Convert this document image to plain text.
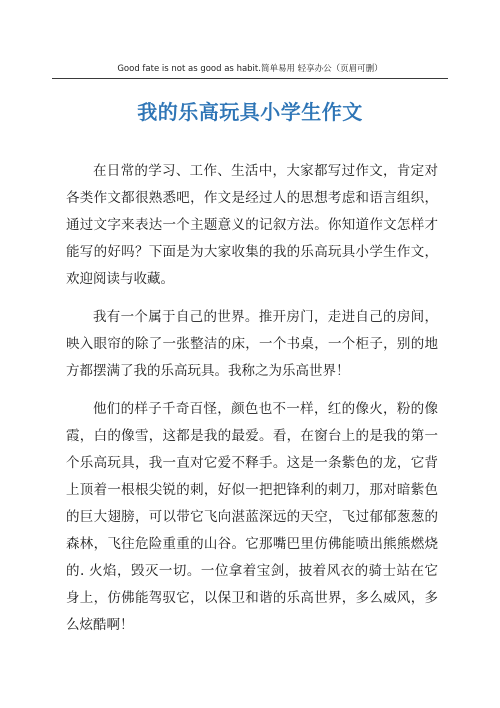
Good fate is not as good as habit.简单易用 轻享办公（页眉可删）
我的乐高玩具小学生作文

在日常的学习、工作、生活中，大家都写过作文，肯定对各类作文都很熟悉吧，作文是经过人的思想考虑和语言组织，通过文字来表达一个主题意义的记叙方法。你知道作文怎样才能写的好吗？下面是为大家收集的我的乐高玩具小学生作文，欢迎阅读与收藏。

我有一个属于自己的世界。推开房门，走进自己的房间，映入眼帘的除了一张整洁的床，一个书桌，一个柜子，别的地方都摆满了我的乐高玩具。我称之为乐高世界！

他们的样子千奇百怪，颜色也不一样，红的像火，粉的像霞，白的像雪，这都是我的最爱。看，在窗台上的是我的第一个乐高玩具，我一直对它爱不释手。这是一条紫色的龙，它背上顶着一根根尖锐的刺，好似一把把锋利的刺刀，那对暗紫色的巨大翅膀，可以带它飞向湛蓝深远的天空，飞过郁郁葱葱的森林，飞往危险重重的山谷。它那嘴巴里仿佛能喷出熊熊燃烧的. 火焰，毁灭一切。一位拿着宝剑，披着风衣的骑士站在它身上，仿佛能驾驭它，以保卫和谐的乐高世界，多么威风，多么炫酷啊！
